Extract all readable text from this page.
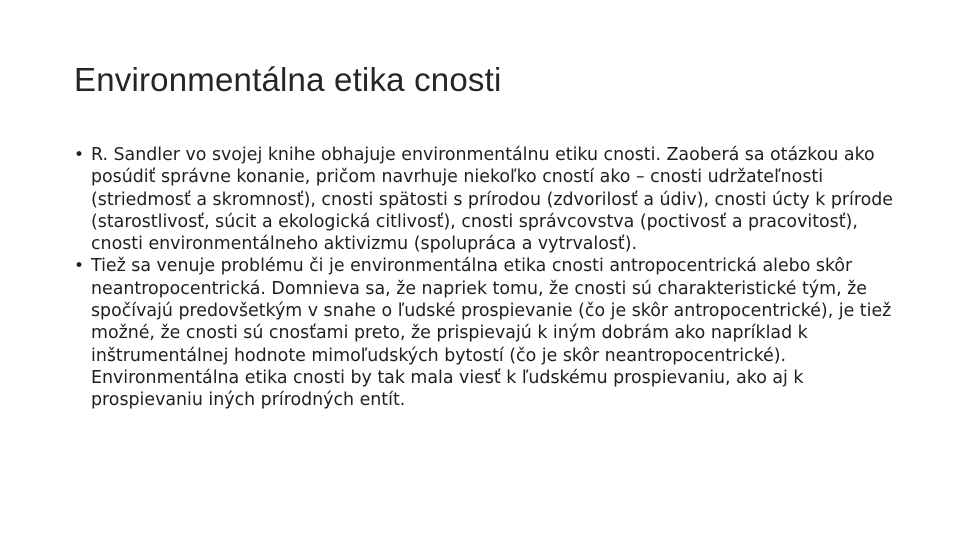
Environmentálna etika cnosti
• R. Sandler vo svojej knihe obhajuje environmentálnu etiku cnosti. Zaoberá sa otázkou ako posúdiť správne konanie, pričom navrhuje niekoľko cností ako – cnosti udržateľnosti (striedmosť a skromnosť), cnosti spätosti s prírodou (zdvorilosť a údiv), cnosti úcty k prírode (starostlivosť, súcit a ekologická citlivosť), cnosti správcovstva (poctivosť a pracovitosť), cnosti environmentálneho aktivizmu (spolupráca a vytrvalosť).
• Tiež sa venuje problému či je environmentálna etika cnosti antropocentrická alebo skôr neantropocentrická. Domnieva sa, že napriek tomu, že cnosti sú charakteristické tým, že spočívajú predovšetkým v snahe o ľudské prospievanie (čo je skôr antropocentrické), je tiež možné, že cnosti sú cnosťami preto, že prispievajú k iným dobrám ako napríklad k inštrumentálnej hodnote mimoľudských bytostí (čo je skôr neantropocentrické). Environmentálna etika cnosti by tak mala viesť k ľudskému prospievaniu, ako aj k prospievaniu iných prírodných entít.
